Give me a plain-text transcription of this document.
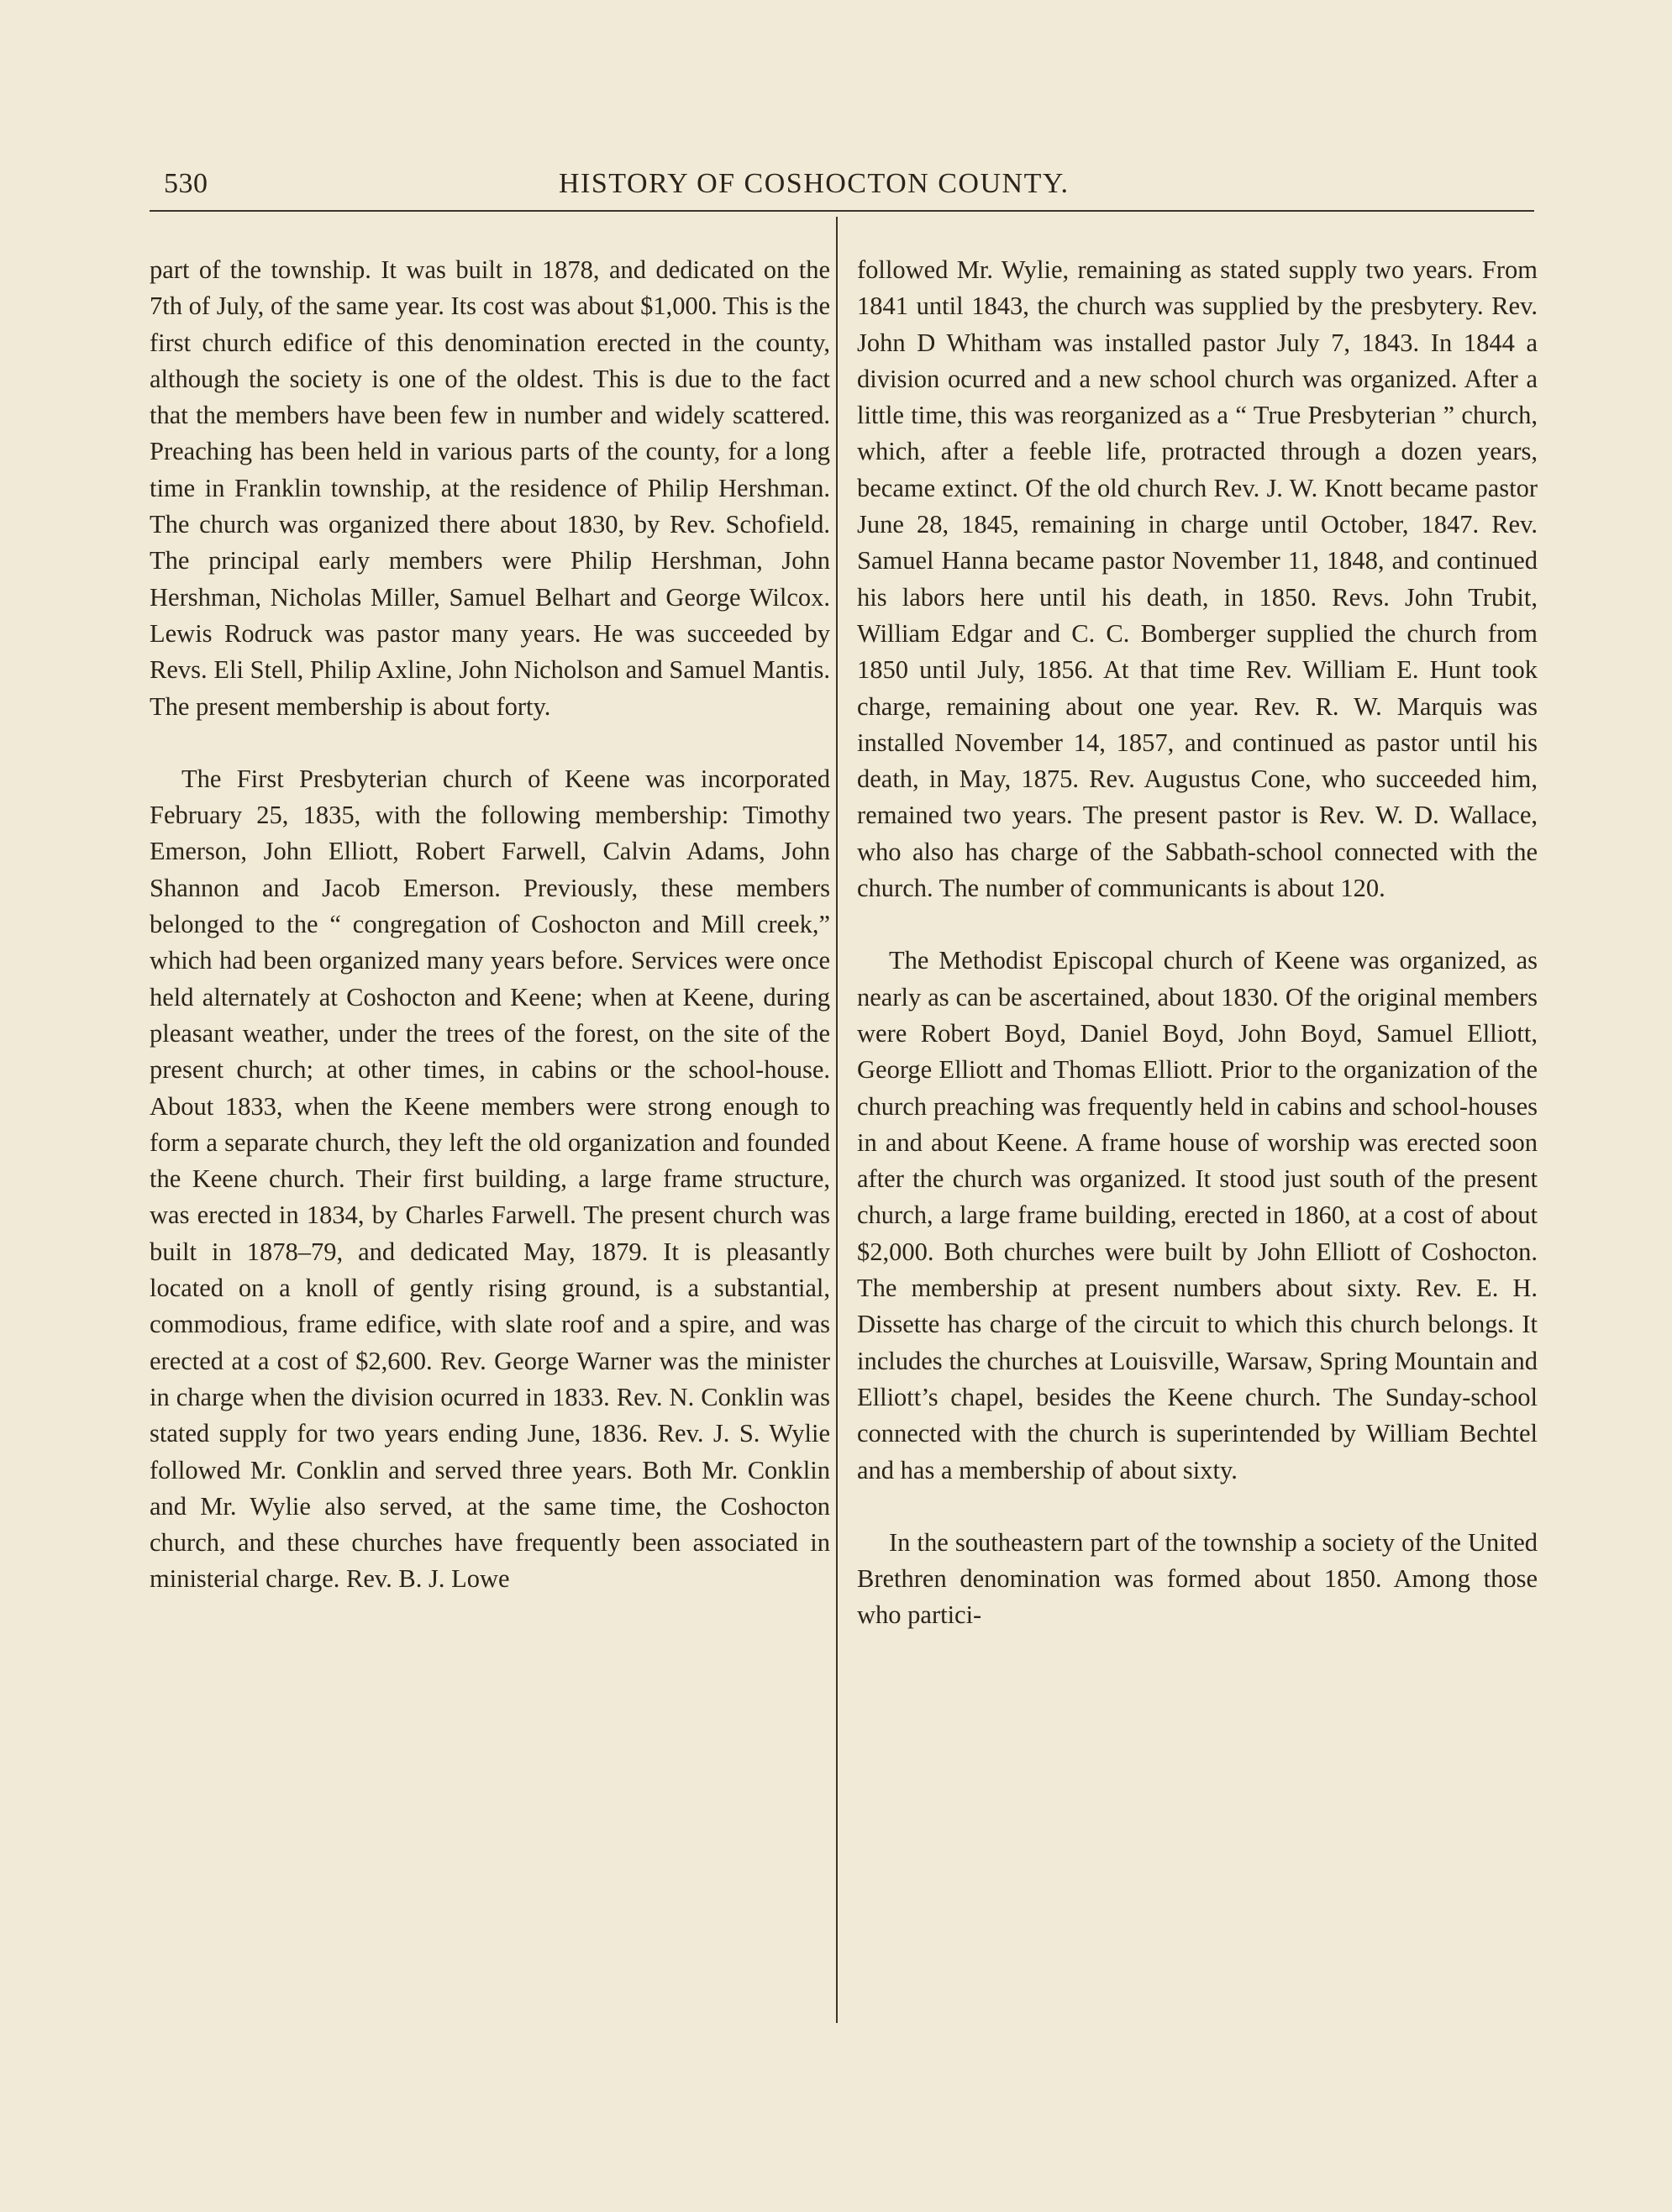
530	HISTORY OF COSHOCTON COUNTY.

part of the township. It was built in 1878, and dedicated on the 7th of July, of the same year. Its cost was about $1,000. This is the first church edifice of this denomination erected in the county, although the society is one of the oldest. This is due to the fact that the members have been few in number and widely scattered. Preaching has been held in various parts of the county, for a long time in Franklin township, at the residence of Philip Hershman. The church was organized there about 1830, by Rev. Schofield. The principal early members were Philip Hershman, John Hershman, Nicholas Miller, Samuel Belhart and George Wilcox. Lewis Rodruck was pastor many years. He was succeeded by Revs. Eli Stell, Philip Axline, John Nicholson and Samuel Mantis. The present membership is about forty.

The First Presbyterian church of Keene was incorporated February 25, 1835, with the following membership: Timothy Emerson, John Elliott, Robert Farwell, Calvin Adams, John Shannon and Jacob Emerson. Previously, these members belonged to the “ congregation of Coshocton and Mill creek,” which had been organized many years before. Services were once held alternately at Coshocton and Keene; when at Keene, during pleasant weather, under the trees of the forest, on the site of the present church; at other times, in cabins or the school-house. About 1833, when the Keene members were strong enough to form a separate church, they left the old organization and founded the Keene church. Their first building, a large frame structure, was erected in 1834, by Charles Farwell. The present church was built in 1878–79, and dedicated May, 1879. It is pleasantly located on a knoll of gently rising ground, is a substantial, commodious, frame edifice, with slate roof and a spire, and was erected at a cost of $2,600. Rev. George Warner was the minister in charge when the division ocurred in 1833. Rev. N. Conklin was stated supply for two years ending June, 1836. Rev. J. S. Wylie followed Mr. Conklin and served three years. Both Mr. Conklin and Mr. Wylie also served, at the same time, the Coshocton church, and these churches have frequently been associated in ministerial charge. Rev. B. J. Lowe

followed Mr. Wylie, remaining as stated supply two years. From 1841 until 1843, the church was supplied by the presbytery. Rev. John D Whitham was installed pastor July 7, 1843. In 1844 a division ocurred and a new school church was organized. After a little time, this was reorganized as a “ True Presbyterian ” church, which, after a feeble life, protracted through a dozen years, became extinct. Of the old church Rev. J. W. Knott became pastor June 28, 1845, remaining in charge until October, 1847. Rev. Samuel Hanna became pastor November 11, 1848, and continued his labors here until his death, in 1850. Revs. John Trubit, William Edgar and C. C. Bomberger supplied the church from 1850 until July, 1856. At that time Rev. William E. Hunt took charge, remaining about one year. Rev. R. W. Marquis was installed November 14, 1857, and continued as pastor until his death, in May, 1875. Rev. Augustus Cone, who succeeded him, remained two years. The present pastor is Rev. W. D. Wallace, who also has charge of the Sabbath-school connected with the church. The number of communicants is about 120.

The Methodist Episcopal church of Keene was organized, as nearly as can be ascertained, about 1830. Of the original members were Robert Boyd, Daniel Boyd, John Boyd, Samuel Elliott, George Elliott and Thomas Elliott. Prior to the organization of the church preaching was frequently held in cabins and school-houses in and about Keene. A frame house of worship was erected soon after the church was organized. It stood just south of the present church, a large frame building, erected in 1860, at a cost of about $2,000. Both churches were built by John Elliott of Coshocton. The membership at present numbers about sixty. Rev. E. H. Dissette has charge of the circuit to which this church belongs. It includes the churches at Louisville, Warsaw, Spring Mountain and Elliott’s chapel, besides the Keene church. The Sunday-school connected with the church is superintended by William Bechtel and has a membership of about sixty.

In the southeastern part of the township a society of the United Brethren denomination was formed about 1850. Among those who partici-
